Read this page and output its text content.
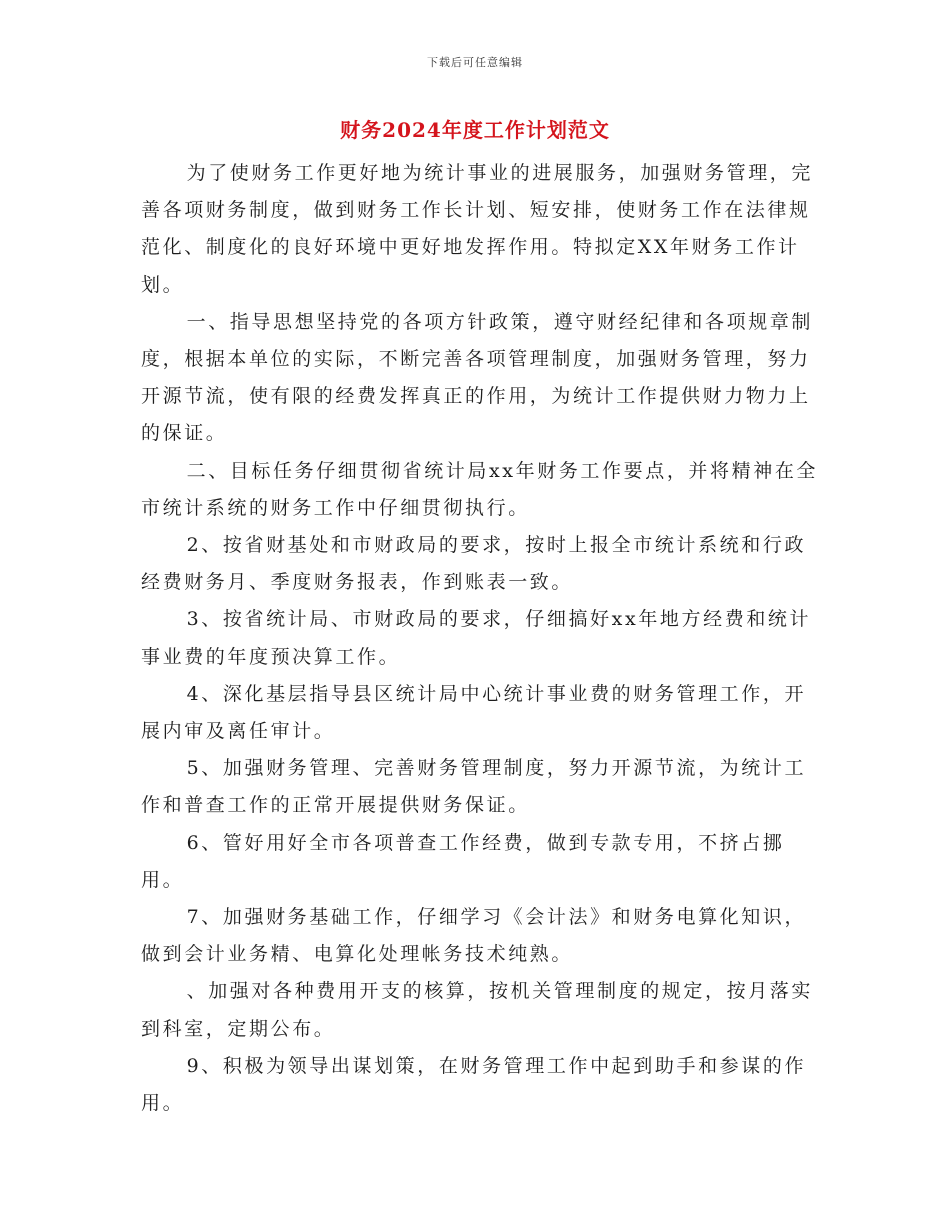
下载后可任意编辑
财务2024年度工作计划范文

为了使财务工作更好地为统计事业的进展服务，加强财务管理，完善各项财务制度，做到财务工作长计划、短安排，使财务工作在法律规范化、制度化的良好环境中更好地发挥作用。特拟定XX年财务工作计划。

一、指导思想坚持党的各项方针政策，遵守财经纪律和各项规章制度，根据本单位的实际，不断完善各项管理制度，加强财务管理，努力开源节流，使有限的经费发挥真正的作用，为统计工作提供财力物力上的保证。

二、目标任务仔细贯彻省统计局xx年财务工作要点，并将精神在全市统计系统的财务工作中仔细贯彻执行。

2、按省财基处和市财政局的要求，按时上报全市统计系统和行政经费财务月、季度财务报表，作到账表一致。

3、按省统计局、市财政局的要求，仔细搞好xx年地方经费和统计事业费的年度预决算工作。

4、深化基层指导县区统计局中心统计事业费的财务管理工作，开展内审及离任审计。

5、加强财务管理、完善财务管理制度，努力开源节流，为统计工作和普查工作的正常开展提供财务保证。

6、管好用好全市各项普查工作经费，做到专款专用，不挤占挪用。

7、加强财务基础工作，仔细学习《会计法》和财务电算化知识，做到会计业务精、电算化处理帐务技术纯熟。

、加强对各种费用开支的核算，按机关管理制度的规定，按月落实到科室，定期公布。

9、积极为领导出谋划策，在财务管理工作中起到助手和参谋的作用。
